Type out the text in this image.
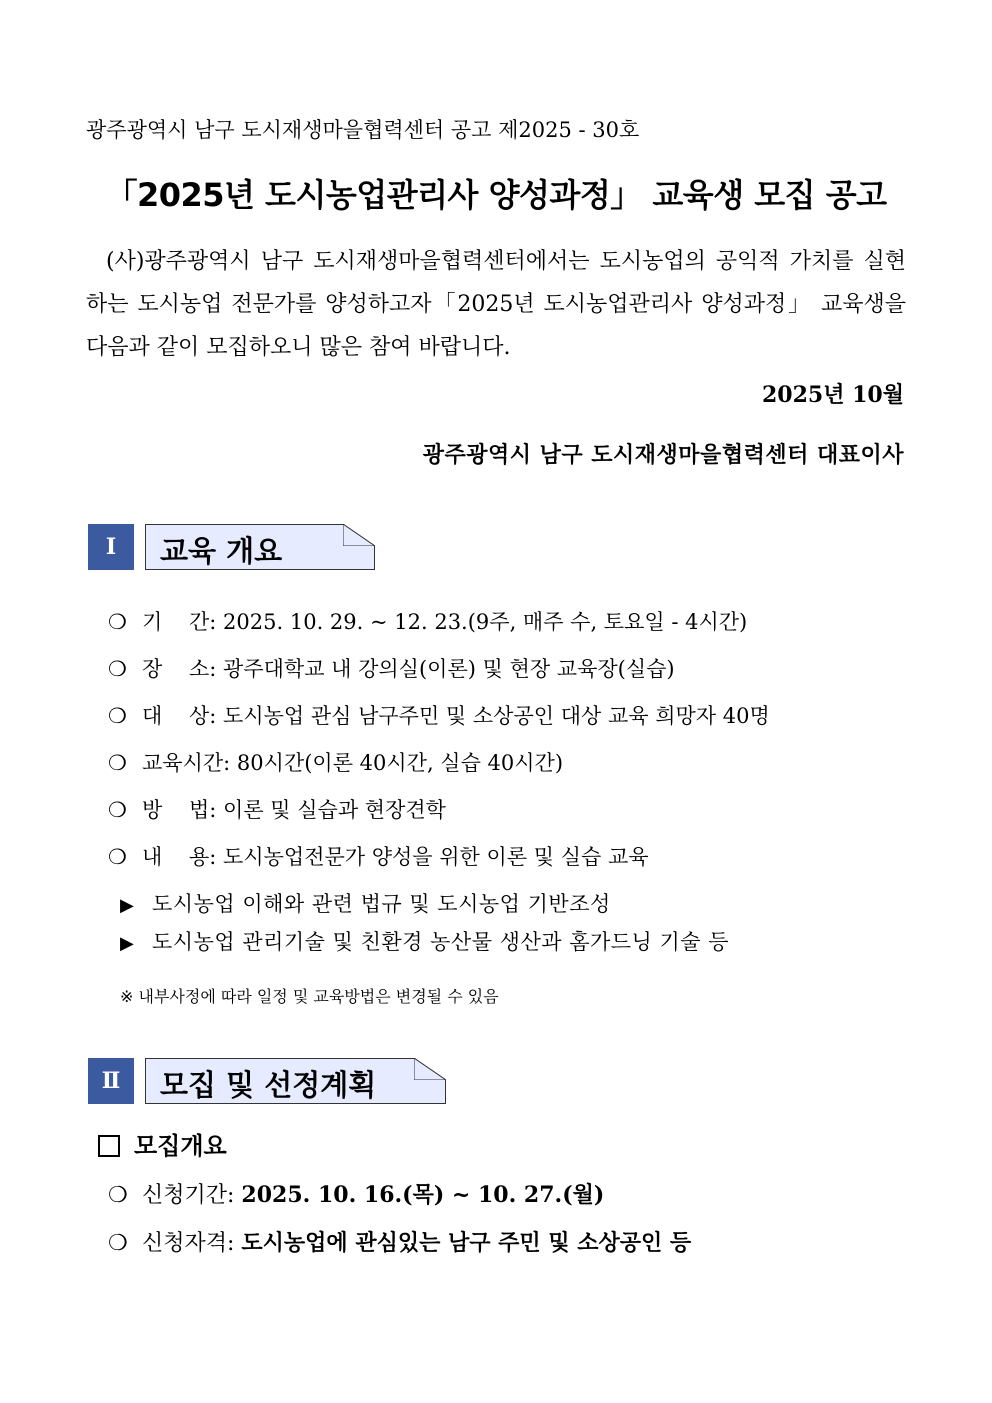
광주광역시 남구 도시재생마을협력센터 공고 제2025 - 30호
「2025년 도시농업관리사 양성과정」 교육생 모집 공고

(사)광주광역시 남구 도시재생마을협력센터에서는 도시농업의 공익적 가치를 실현하는 도시농업 전문가를 양성하고자「2025년 도시농업관리사 양성과정」 교육생을 다음과 같이 모집하오니 많은 참여 바랍니다.

2025년 10월
광주광역시 남구 도시재생마을협력센터 대표이사
Ⅰ	교육 개요
❍ 기    간: 2025. 10. 29. ~ 12. 23.(9주, 매주 수, 토요일 - 4시간)
❍ 장    소: 광주대학교 내 강의실(이론) 및 현장 교육장(실습)
❍ 대    상: 도시농업 관심 남구주민 및 소상공인 대상 교육 희망자 40명
❍ 교육시간: 80시간(이론 40시간, 실습 40시간)
❍ 방    법: 이론 및 실습과 현장견학
❍ 내    용: 도시농업전문가 양성을 위한 이론 및 실습 교육
▶ 도시농업 이해와 관련 법규 및 도시농업 기반조성
▶ 도시농업 관리기술 및 친환경 농산물 생산과 홈가드닝 기술 등
※ 내부사정에 따라 일정 및 교육방법은 변경될 수 있음
Ⅱ	모집 및 선정계획
모집개요
❍ 신청기간: 2025. 10. 16.(목) ~ 10. 27.(월)
❍ 신청자격: 도시농업에 관심있는 남구 주민 및 소상공인 등
